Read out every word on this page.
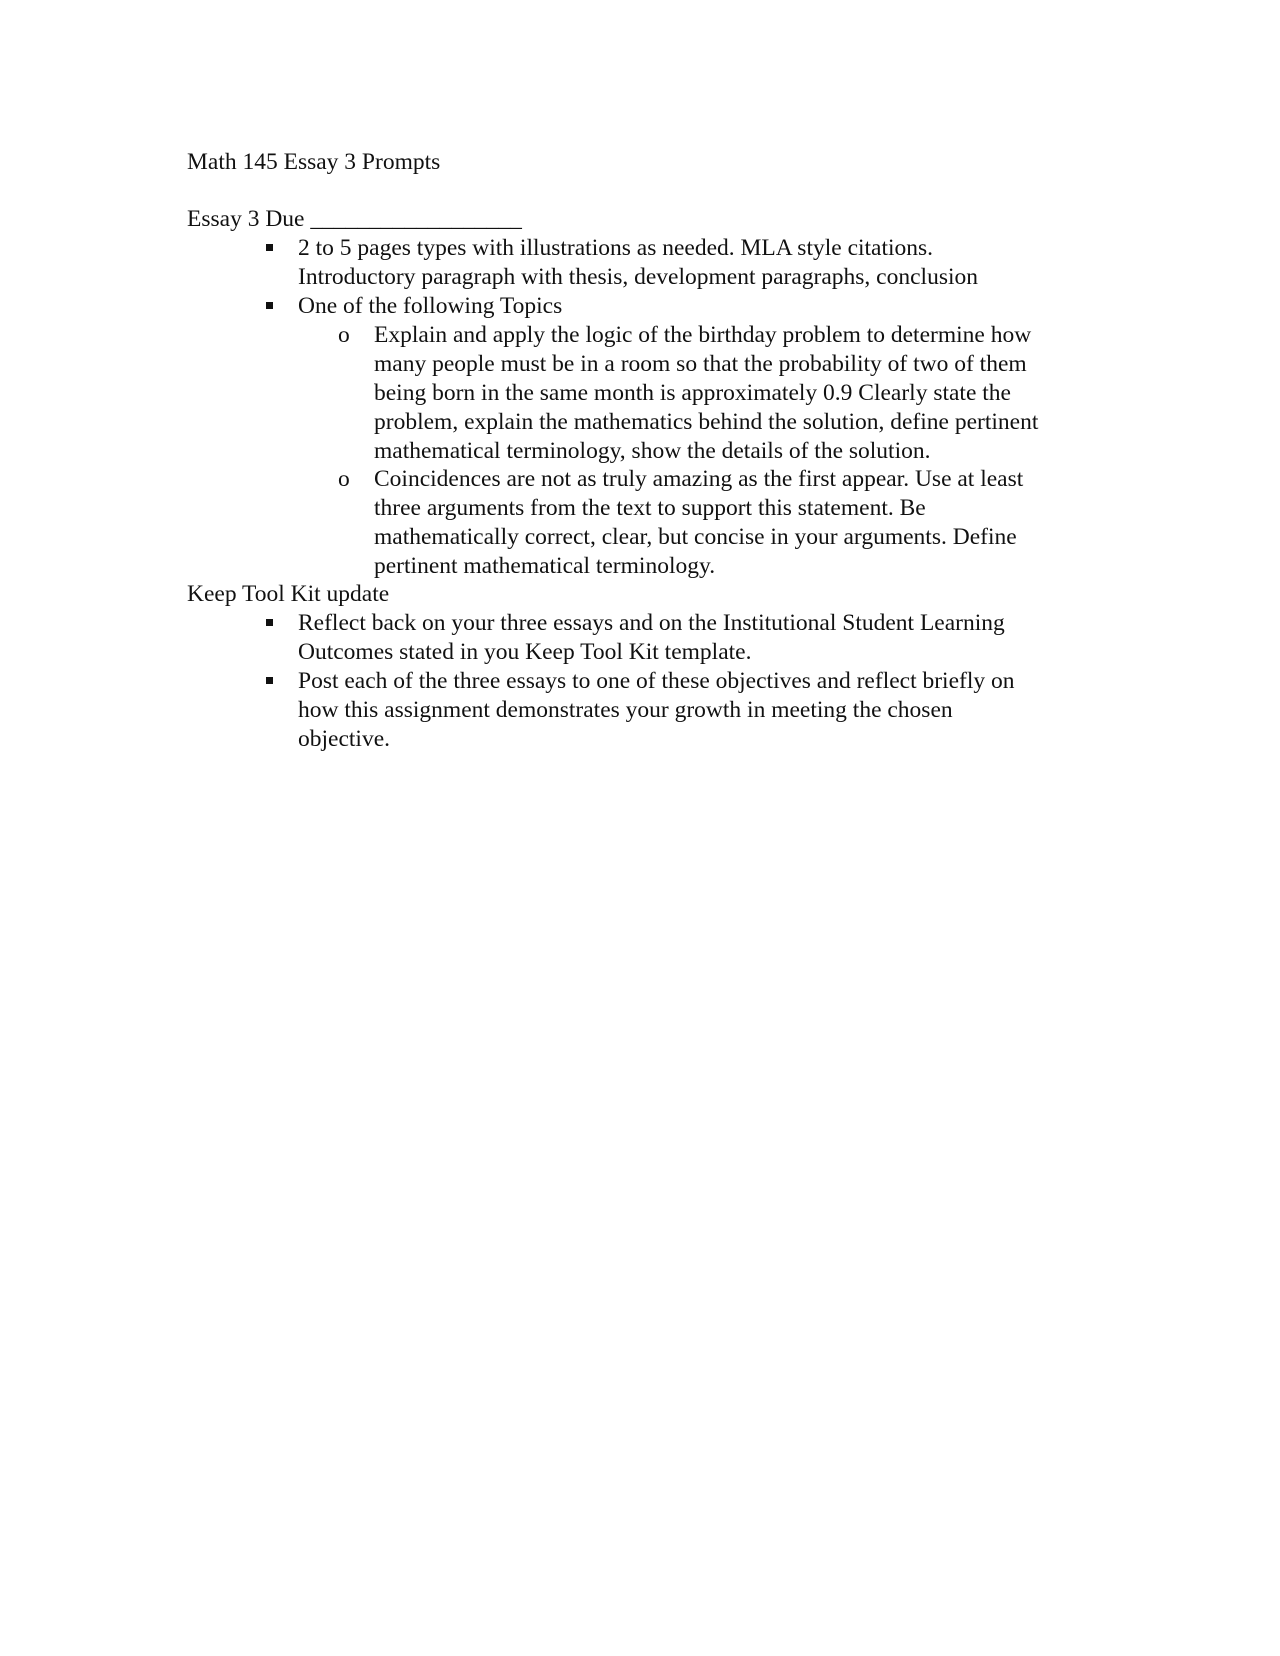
Math 145 Essay 3 Prompts
Essay 3 Due __________________
2 to 5 pages types with illustrations as needed. MLA style citations.
Introductory paragraph with thesis, development paragraphs, conclusion
One of the following Topics
o Explain and apply the logic of the birthday problem to determine how
many people must be in a room so that the probability of two of them
being born in the same month is approximately 0.9 Clearly state the
problem, explain the mathematics behind the solution, define pertinent
mathematical terminology, show the details of the solution.
o Coincidences are not as truly amazing as the first appear. Use at least
three arguments from the text to support this statement. Be
mathematically correct, clear, but concise in your arguments. Define
pertinent mathematical terminology.
Keep Tool Kit update
Reflect back on your three essays and on the Institutional Student Learning
Outcomes stated in you Keep Tool Kit template.
Post each of the three essays to one of these objectives and reflect briefly on
how this assignment demonstrates your growth in meeting the chosen
objective.
